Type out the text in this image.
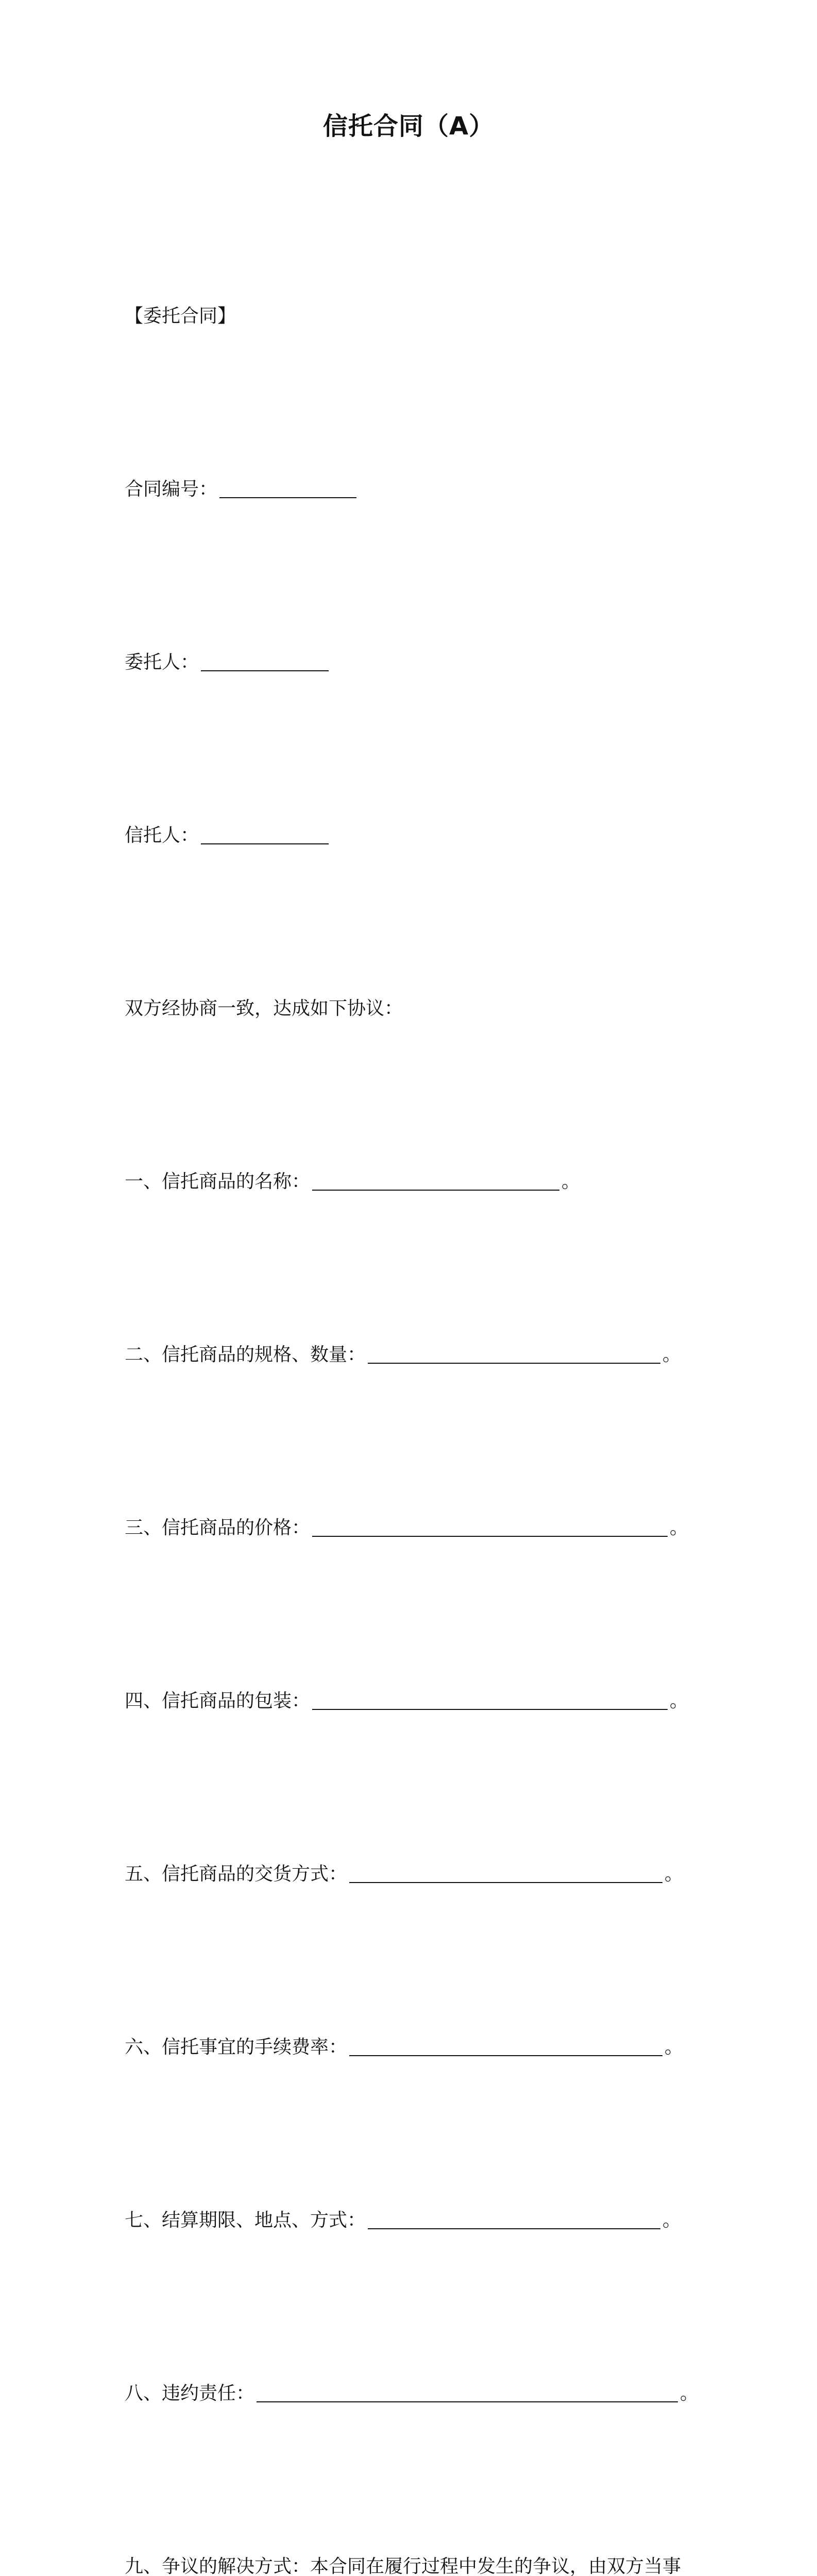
信托合同（A）

【委托合同】

合同编号：

委托人：

信托人：

双方经协商一致，达成如下协议：

一、信托商品的名称：	。

二、信托商品的规格、数量：	。

三、信托商品的价格：	。

四、信托商品的包装：	。

五、信托商品的交货方式：	。

六、信托事宜的手续费率：	。

七、结算期限、地点、方式：	。

八、违约责任：	。

九、争议的解决方式：本合同在履行过程中发生的争议，由双方当事
